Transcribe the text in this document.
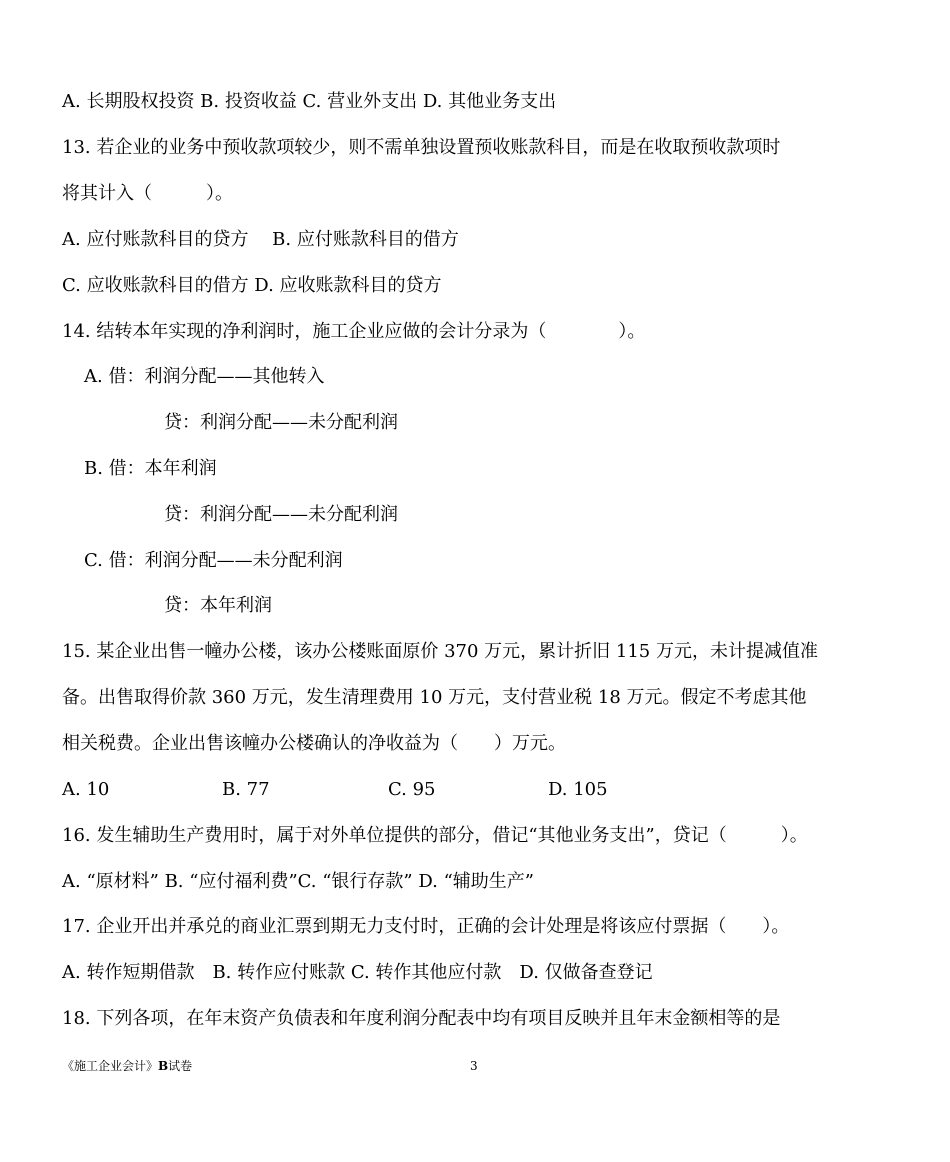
A. 长期股权投资 B. 投资收益 C. 营业外支出 D. 其他业务支出
13. 若企业的业务中预收款项较少，则不需单独设置预收账款科目，而是在收取预收款项时
将其计入（　　　）。
A. 应付账款科目的贷方　 B. 应付账款科目的借方
C. 应收账款科目的借方 D. 应收账款科目的贷方
14. 结转本年实现的净利润时，施工企业应做的会计分录为（　　　　）。
A. 借：利润分配——其他转入
贷：利润分配——未分配利润
B. 借：本年利润
贷：利润分配——未分配利润
C. 借：利润分配——未分配利润
贷：本年利润
15. 某企业出售一幢办公楼，该办公楼账面原价 370 万元，累计折旧 115 万元，未计提减值准
备。出售取得价款 360 万元，发生清理费用 10 万元，支付营业税 18 万元。假定不考虑其他
相关税费。企业出售该幢办公楼确认的净收益为（　　）万元。
A. 10	B. 77	C. 95	D. 105
16. 发生辅助生产费用时，属于对外单位提供的部分，借记“其他业务支出”，贷记（　　　）。
A. “原材料” B. “应付福利费”C. “银行存款” D. “辅助生产”
17. 企业开出并承兑的商业汇票到期无力支付时，正确的会计处理是将该应付票据（　　）。
A. 转作短期借款　B. 转作应付账款 C. 转作其他应付款　D. 仅做备查登记
18. 下列各项，在年末资产负债表和年度利润分配表中均有项目反映并且年末金额相等的是
《施工企业会计》B试卷	3
